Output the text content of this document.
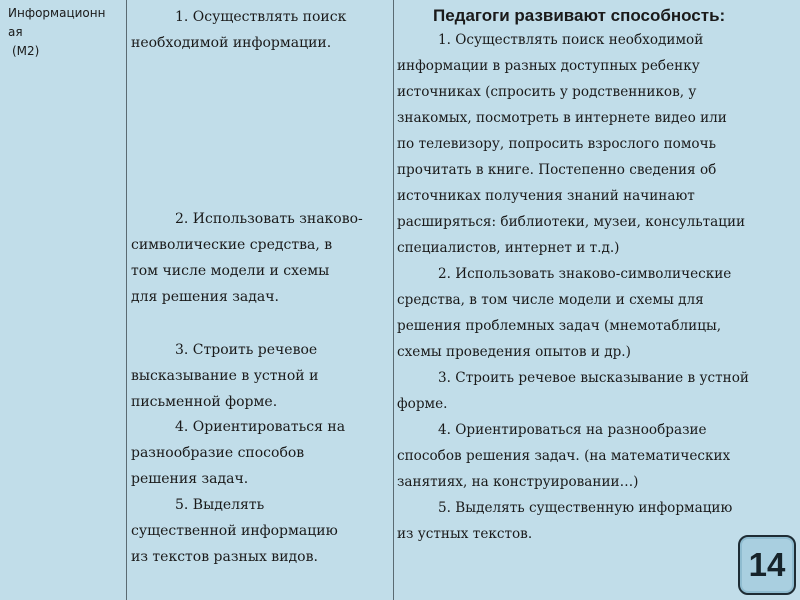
Информационн
ая
(М2)

1. Осуществлять поиск
необходимой информации.

2. Использовать знаково-
символические средства, в
том числе модели и схемы
для решения задач.

3. Строить речевое
высказывание в устной и
письменной форме.

4. Ориентироваться на
разнообразие способов
решения задач.

5. Выделять
существенной информацию
из текстов разных видов.

Педагоги развивают способность:

1. Осуществлять поиск необходимой
информации в разных доступных ребенку
источниках (спросить у родственников, у
знакомых, посмотреть в интернете видео или
по телевизору, попросить взрослого помочь
прочитать в книге. Постепенно сведения об
источниках получения знаний начинают
расширяться: библиотеки, музеи, консультации
специалистов, интернет и т.д.)

2. Использовать знаково-символические
средства, в том числе модели и схемы для
решения проблемных задач (мнемотаблицы,
схемы проведения опытов и др.)

3. Строить речевое высказывание в устной
форме.

4. Ориентироваться на разнообразие
способов решения задач. (на математических
занятиях, на конструировании…)

5. Выделять существенную информацию
из устных текстов.

14
